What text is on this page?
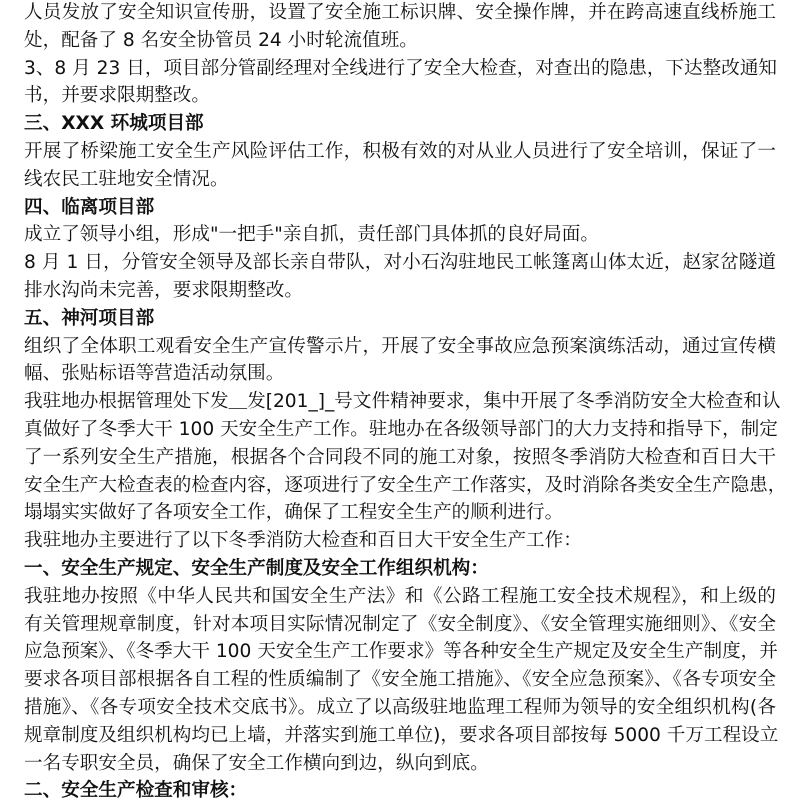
人员发放了安全知识宣传册，设置了安全施工标识牌、安全操作牌，并在跨高速直线桥施工
处，配备了 8 名安全协管员 24 小时轮流值班。
3、8 月 23 日，项目部分管副经理对全线进行了安全大检查，对查出的隐患，下达整改通知
书，并要求限期整改。
三、XXX 环城项目部
开展了桥梁施工安全生产风险评估工作，积极有效的对从业人员进行了安全培训，保证了一
线农民工驻地安全情况。
四、临离项目部
成立了领导小组，形成"一把手"亲自抓，责任部门具体抓的良好局面。
8 月 1 日，分管安全领导及部长亲自带队，对小石沟驻地民工帐篷离山体太近，赵家岔隧道
排水沟尚未完善，要求限期整改。
五、神河项目部
组织了全体职工观看安全生产宣传警示片，开展了安全事故应急预案演练活动，通过宣传横
幅、张贴标语等营造活动氛围。
我驻地办根据管理处下发＿发[201_]_号文件精神要求，集中开展了冬季消防安全大检查和认
真做好了冬季大干 100 天安全生产工作。驻地办在各级领导部门的大力支持和指导下，制定
了一系列安全生产措施，根据各个合同段不同的施工对象，按照冬季消防大检查和百日大干
安全生产大检查表的检查内容，逐项进行了安全生产工作落实，及时消除各类安全生产隐患，
塌塌实实做好了各项安全工作，确保了工程安全生产的顺利进行。
我驻地办主要进行了以下冬季消防大检查和百日大干安全生产工作：
一、安全生产规定、安全生产制度及安全工作组织机构：
我驻地办按照《中华人民共和国安全生产法》和《公路工程施工安全技术规程》，和上级的
有关管理规章制度，针对本项目实际情况制定了《安全制度》、《安全管理实施细则》、《安全
应急预案》、《冬季大干 100 天安全生产工作要求》等各种安全生产规定及安全生产制度，并
要求各项目部根据各自工程的性质编制了《安全施工措施》、《安全应急预案》、《各专项安全
措施》、《各专项安全技术交底书》。成立了以高级驻地监理工程师为领导的安全组织机构(各
规章制度及组织机构均已上墙，并落实到施工单位)，要求各项目部按每 5000 千万工程设立
一名专职安全员，确保了安全工作横向到边，纵向到底。
二、安全生产检查和审核：
